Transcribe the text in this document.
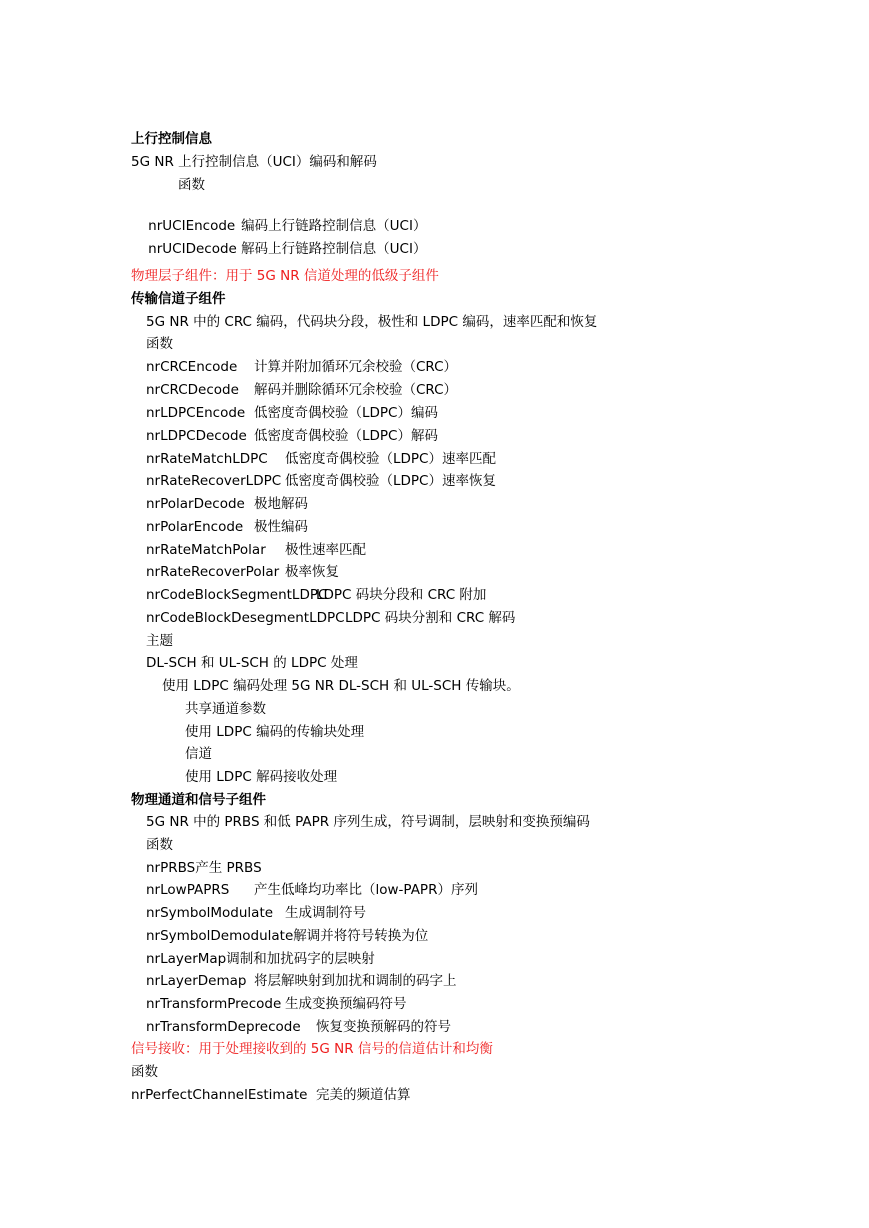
上行控制信息
5G NR 上行控制信息（UCI）编码和解码
函数

nrUCIEncode 编码上行链路控制信息（UCI）

nrUCIDecode 解码上行链路控制信息（UCI）

物理层子组件：用于 5G NR 信道处理的低级子组件
传输信道子组件
5G NR 中的 CRC 编码，代码块分段，极性和 LDPC 编码，速率匹配和恢复
函数
nrCRCEncode 计算并附加循环冗余校验（CRC）
nrCRCDecode 解码并删除循环冗余校验（CRC）
nrLDPCEncode 低密度奇偶校验（LDPC）编码
nrLDPCDecode 低密度奇偶校验（LDPC）解码
nrRateMatchLDPC 低密度奇偶校验（LDPC）速率匹配
nrRateRecoverLDPC 低密度奇偶校验（LDPC）速率恢复
nrPolarDecode 极地解码
nrPolarEncode 极性编码
nrRateMatchPolar 极性速率匹配
nrRateRecoverPolar 极率恢复
nrCodeBlockSegmentLDPCLDPC 码块分段和 CRC 附加
nrCodeBlockDesegmentLDPCLDPC 码块分割和 CRC 解码
主题
DL-SCH 和 UL-SCH 的 LDPC 处理
使用 LDPC 编码处理 5G NR DL-SCH 和 UL-SCH 传输块。
共享通道参数
使用 LDPC 编码的传输块处理
信道
使用 LDPC 解码接收处理
物理通道和信号子组件
5G NR 中的 PRBS 和低 PAPR 序列生成，符号调制，层映射和变换预编码
函数
nrPRBS产生 PRBS
nrLowPAPRS 产生低峰均功率比（low-PAPR）序列
nrSymbolModulate 生成调制符号
nrSymbolDemodulate解调并将符号转换为位
nrLayerMap调制和加扰码字的层映射
nrLayerDemap 将层解映射到加扰和调制的码字上
nrTransformPrecode 生成变换预编码符号
nrTransformDeprecode 恢复变换预解码的符号
信号接收：用于处理接收到的 5G NR 信号的信道估计和均衡
函数
nrPerfectChannelEstimate 完美的频道估算
